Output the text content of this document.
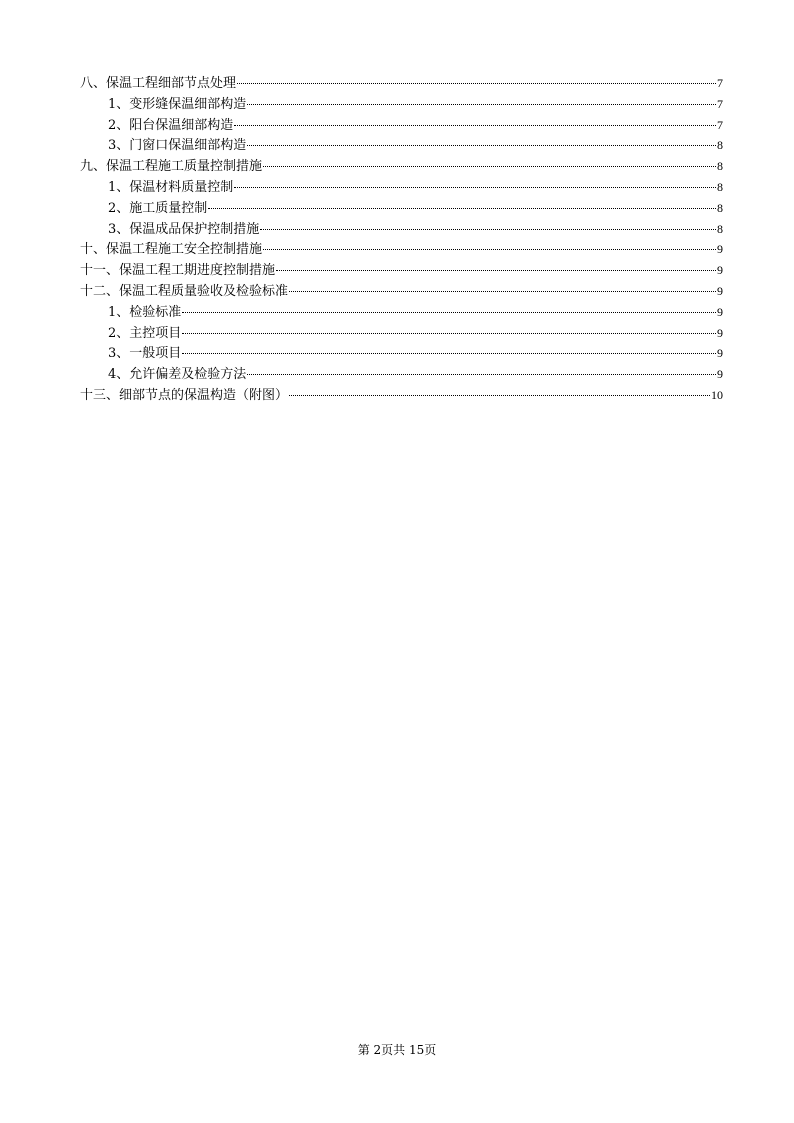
八、保温工程细部节点处理	7
1、变形缝保温细部构造	7
2、阳台保温细部构造	7
3、门窗口保温细部构造	8
九、保温工程施工质量控制措施	8
1、保温材料质量控制	8
2、施工质量控制	8
3、保温成品保护控制措施	8
十、保温工程施工安全控制措施	9
十一、保温工程工期进度控制措施	9
十二、保温工程质量验收及检验标准	9
1、检验标准	9
2、主控项目	9
3、一般项目	9
4、允许偏差及检验方法	9
十三、细部节点的保温构造（附图）	10
第 2页共 15页
